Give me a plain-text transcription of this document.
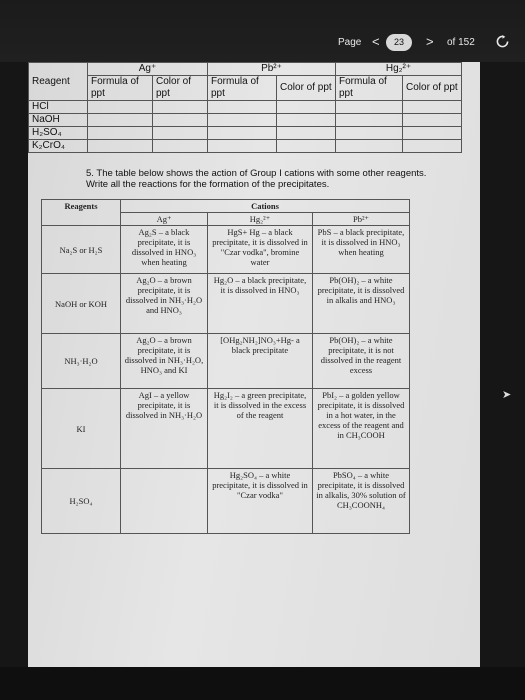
Page <	23	> of 152
Reagent	Ag⁺		Pb²⁺		Hg₂²⁺	
	Formula of ppt	Color of ppt	Formula of ppt	Color of ppt	Formula of ppt	Color of ppt
HCl						
NaOH						
H₂SO₄						
K₂CrO₄						
5. The table below shows the action of Group I cations with some other reagents. Write all the reactions for the formation of the precipitates.
Reagents	Cations		
	Ag⁺	Hg₂²⁺	Pb²⁺
Na₂S or H₂S	Ag₂S – a black precipitate, it is dissolved in HNO₃ when heating	HgS+ Hg – a black precipitate, it is dissolved in "Czar vodka", bromine water	PbS – a black precipitate, it is dissolved in HNO₃ when heating
NaOH or KOH	Ag₂O – a brown precipitate, it is dissolved in NH₃·H₂O and HNO₃	Hg₂O – a black precipitate, it is dissolved in HNO₃	Pb(OH)₂ – a white precipitate, it is dissolved in alkalis and HNO₃
NH₃·H₂O	Ag₂O – a brown precipitate, it is dissolved in NH₃·H₂O, HNO₃ and KI	[OHg₂NH₂]NO₃+Hg- a black precipitate	Pb(OH)₂ – a white precipitate, it is not dissolved in the reagent excess
KI	AgI – a yellow precipitate, it is dissolved in NH₃·H₂O	Hg₂I₂ – a green precipitate, it is dissolved in the excess of the reagent	PbI₂ – a golden yellow precipitate, it is dissolved in a hot water, in the excess of the reagent and in CH₃COOH
H₂SO₄		Hg₂SO₄ – a white precipitate, it is dissolved in "Czar vodka"	PbSO₄ – a white precipitate, it is dissolved in alkalis, 30% solution of CH₃COONH₄
➤
